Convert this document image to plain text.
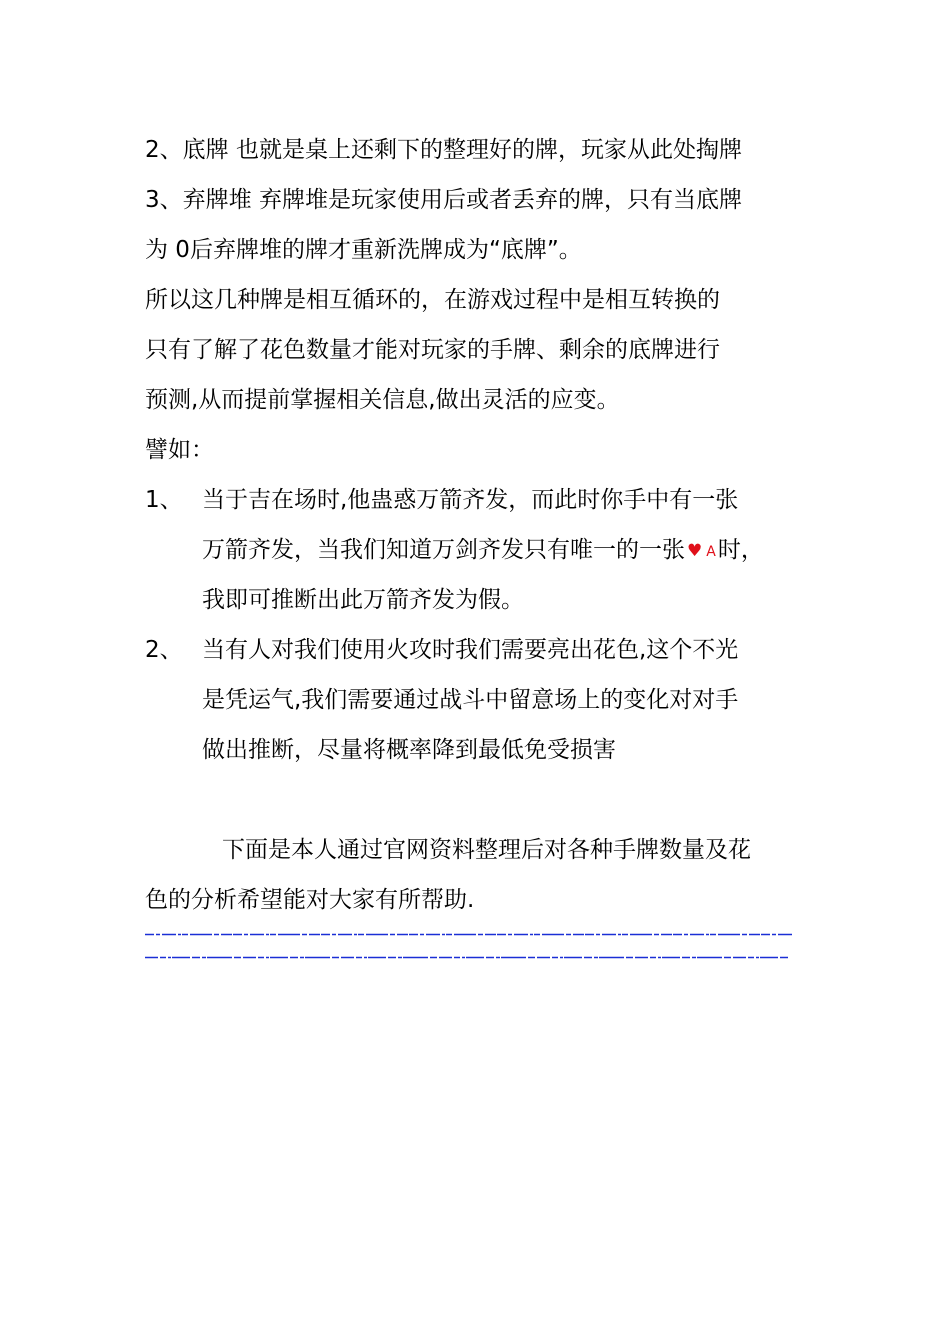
2、底牌 也就是桌上还剩下的整理好的牌，玩家从此处掏牌
3、弃牌堆 弃牌堆是玩家使用后或者丢弃的牌，只有当底牌
为 0后弃牌堆的牌才重新洗牌成为“底牌”。
所以这几种牌是相互循环的，在游戏过程中是相互转换的
只有了解了花色数量才能对玩家的手牌、剩余的底牌进行
预测,从而提前掌握相关信息,做出灵活的应变。
譬如：
1、 当于吉在场时,他蛊惑万箭齐发，而此时你手中有一张
万箭齐发，当我们知道万剑齐发只有唯一的一张 ♥ A时，
我即可推断出此万箭齐发为假。
2、 当有人对我们使用火攻时我们需要亮出花色,这个不光
是凭运气,我们需要通过战斗中留意场上的变化对对手
做出推断，尽量将概率降到最低免受损害
下面是本人通过官网资料整理后对各种手牌数量及花
色的分析希望能对大家有所帮助.
